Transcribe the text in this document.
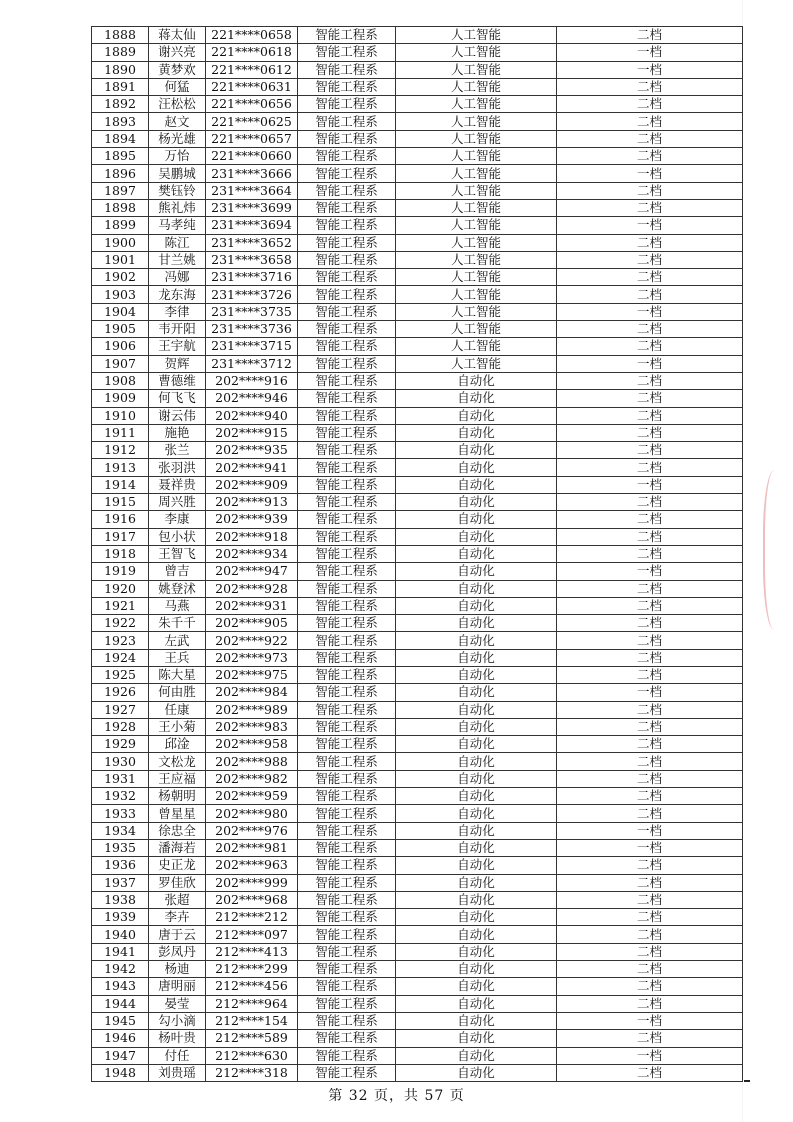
1888	蒋太仙	221****0658	智能工程系	人工智能	二档
1889	谢兴亮	221****0618	智能工程系	人工智能	一档
1890	黄梦欢	221****0612	智能工程系	人工智能	一档
1891	何猛	221****0631	智能工程系	人工智能	二档
1892	汪松松	221****0656	智能工程系	人工智能	二档
1893	赵文	221****0625	智能工程系	人工智能	二档
1894	杨光雄	221****0657	智能工程系	人工智能	二档
1895	万怡	221****0660	智能工程系	人工智能	二档
1896	吴鹏城	231****3666	智能工程系	人工智能	一档
1897	樊钰铃	231****3664	智能工程系	人工智能	二档
1898	熊礼炜	231****3699	智能工程系	人工智能	二档
1899	马孝纯	231****3694	智能工程系	人工智能	一档
1900	陈江	231****3652	智能工程系	人工智能	二档
1901	甘兰姚	231****3658	智能工程系	人工智能	二档
1902	冯娜	231****3716	智能工程系	人工智能	二档
1903	龙东海	231****3726	智能工程系	人工智能	二档
1904	李律	231****3735	智能工程系	人工智能	一档
1905	韦开阳	231****3736	智能工程系	人工智能	二档
1906	王宇航	231****3715	智能工程系	人工智能	二档
1907	贺辉	231****3712	智能工程系	人工智能	一档
1908	曹德维	202****916	智能工程系	自动化	二档
1909	何飞飞	202****946	智能工程系	自动化	二档
1910	谢云伟	202****940	智能工程系	自动化	二档
1911	施艳	202****915	智能工程系	自动化	二档
1912	张兰	202****935	智能工程系	自动化	二档
1913	张羽洪	202****941	智能工程系	自动化	二档
1914	聂祥贵	202****909	智能工程系	自动化	一档
1915	周兴胜	202****913	智能工程系	自动化	二档
1916	李康	202****939	智能工程系	自动化	二档
1917	包小状	202****918	智能工程系	自动化	二档
1918	王智飞	202****934	智能工程系	自动化	二档
1919	曾吉	202****947	智能工程系	自动化	一档
1920	姚登沭	202****928	智能工程系	自动化	二档
1921	马燕	202****931	智能工程系	自动化	二档
1922	朱千千	202****905	智能工程系	自动化	二档
1923	左武	202****922	智能工程系	自动化	二档
1924	王兵	202****973	智能工程系	自动化	二档
1925	陈大星	202****975	智能工程系	自动化	二档
1926	何由胜	202****984	智能工程系	自动化	一档
1927	任康	202****989	智能工程系	自动化	二档
1928	王小菊	202****983	智能工程系	自动化	二档
1929	邱淦	202****958	智能工程系	自动化	二档
1930	文松龙	202****988	智能工程系	自动化	二档
1931	王应福	202****982	智能工程系	自动化	二档
1932	杨朝明	202****959	智能工程系	自动化	二档
1933	曾星星	202****980	智能工程系	自动化	二档
1934	徐忠全	202****976	智能工程系	自动化	一档
1935	潘海若	202****981	智能工程系	自动化	一档
1936	史正龙	202****963	智能工程系	自动化	二档
1937	罗佳欣	202****999	智能工程系	自动化	二档
1938	张超	202****968	智能工程系	自动化	二档
1939	李卉	212****212	智能工程系	自动化	二档
1940	唐于云	212****097	智能工程系	自动化	二档
1941	彭凤丹	212****413	智能工程系	自动化	二档
1942	杨迪	212****299	智能工程系	自动化	二档
1943	唐明丽	212****456	智能工程系	自动化	二档
1944	晏莹	212****964	智能工程系	自动化	二档
1945	勾小滴	212****154	智能工程系	自动化	一档
1946	杨叶贵	212****589	智能工程系	自动化	二档
1947	付任	212****630	智能工程系	自动化	一档
1948	刘贵瑶	212****318	智能工程系	自动化	二档
第 32 页，共 57 页
